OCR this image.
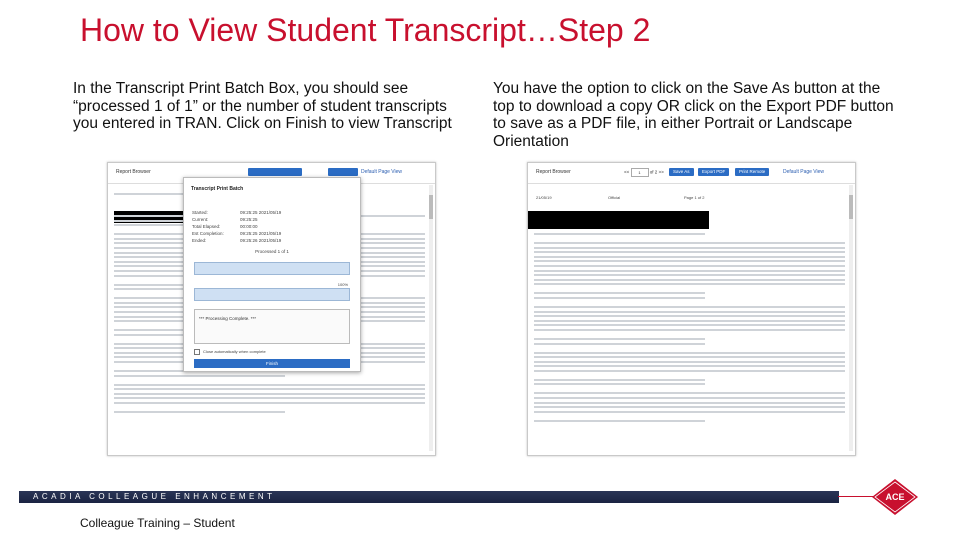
How to View Student Transcript…Step 2
In the Transcript Print Batch Box, you should see “processed 1 of 1” or the number of student transcripts you entered in TRAN. Click on Finish to view Transcript
You have the option to click on the Save As button at the top to download a copy OR click on the Export PDF button to save as a PDF file, in either Portrait or Landscape Orientation
Report Browser	Default Page View
Transcript Print Batch
Started:	09:25:25 2021/05/19
Current:	09:25:25
Total Elapsed:	00:00:00
Est Completion:	09:25:25 2021/05/19
Ended:	09:25:26 2021/05/19
Processed 1 of 1
100%
*** Processing Complete. ***
Close automatically when complete
Finish
Report Browser	<< 1 of 2 >>	Save As	Export PDF	Print Remote	Default Page View
21/05/19	Official	Page 1 of 2
ACADIA COLLEAGUE ENHANCEMENT	ACE
Colleague Training – Student
